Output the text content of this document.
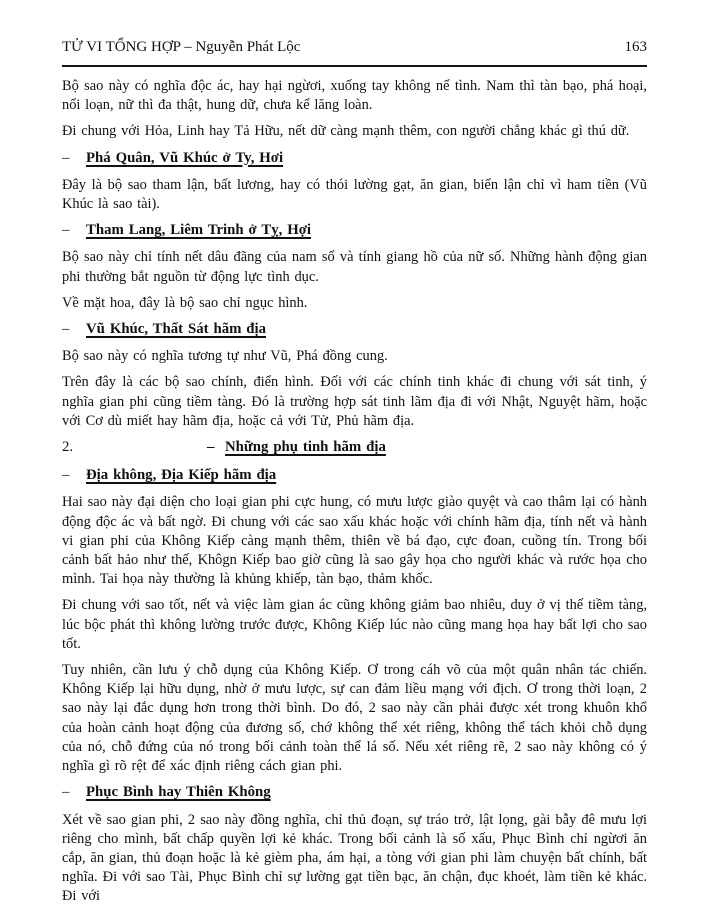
TỬ VI TỔNG HỢP – Nguyễn Phát Lộc	163

Bộ sao này có nghĩa độc ác, hay hại ngừơi, xuống tay không nể tình. Nam thì tàn bạo, phá hoại, nổi loạn, nữ thì đa thật, hung dữ, chưa kể lăng loàn.

Đi chung với Hỏa, Linh hay Tả Hữu, nết dữ càng mạnh thêm, con người chẳng khác gì thú dữ.

–	Phá Quân, Vũ Khúc ở Ty, Hơi

Đây là bộ sao tham lận, bất lương, hay có thói lường gạt, ăn gian, biển lận chỉ vì ham tiền (Vũ Khúc là sao tài).

–	Tham Lang, Liêm Trinh ở Tỵ, Hợi

Bộ sao này chỉ tính nết dâu đãng của nam số và tính giang hồ của nữ số. Những hành động gian phi thường bắt nguồn từ động lực tình dục.

Về mặt hoa, đây là bộ sao chỉ ngục hình.

–	Vũ Khúc, Thất Sát hãm địa

Bộ sao này có nghĩa tương tự như Vũ, Phá đồng cung.

Trên đây là các bộ sao chính, điển hình. Đối với các chính tinh khác đi chung với sát tinh, ý nghĩa gian phi cũng tiềm tàng. Đó là trường hợp sát tinh lãm địa đi với Nhật, Nguyệt hãm, hoặc với Cơ dù miết hay hãm địa, hoặc cả với Tử, Phủ hãm địa.

2.	– Những phụ tinh hãm địa
–	Địa không, Địa Kiếp hãm địa

Hai sao này đại diện cho loại gian phi cực hung, có mưu lược giào quyệt và cao thâm lại có hành động độc ác và bất ngờ. Đi chung với các sao xấu khác hoặc với chính hãm địa, tính nết và hành vi gian phi của Không Kiếp càng mạnh thêm, thiên về bá đạo, cực đoan, cuồng tín. Trong bối cảnh bất hảo như thế, Khôgn Kiếp bao giờ cũng là sao gây họa cho người khác và rước họa cho mình. Tai họa này thường là khủng khiếp, tàn bạo, thảm khốc.

Đi chung với sao tốt, nết và việc làm gian ác cũng không giảm bao nhiêu, duy ở vị thế tiềm tàng, lúc bộc phát thì không lường trước được, Không Kiếp lúc nào cũng mang họa hay bất lợi cho sao tốt.

Tuy nhiên, cần lưu ý chỗ dụng của Không Kiếp. Ơ trong cáh võ của một quân nhân tác chiến. Không Kiếp lại hữu dụng, nhờ ở mưu lược, sự can đảm liều mạng với địch. Ơ trong thời loạn, 2 sao này lại đắc dụng hơn trong thời bình. Do đó, 2 sao này cần phải được xét trong khuôn khổ của hoàn cảnh hoạt động của đương số, chớ không thể xét riêng, không thể tách khỏi chỗ dụng của nó, chỗ đứng của nó trong bối cảnh toàn thể lá số. Nếu xét riêng rẽ, 2 sao này không có ý nghĩa gì rõ rệt để xác định riêng cách gian phi.

–	Phục Bình hay Thiên Không

Xét về sao gian phi, 2 sao này đồng nghĩa, chỉ thủ đoạn, sự tráo trở, lật lọng, gài bẫy đê mưu lợi riêng cho mình, bất chấp quyền lợi kẻ khác. Trong bối cảnh là số xấu, Phục Bình chỉ ngừơi ăn cắp, ăn gian, thủ đoạn hoặc là kẻ gièm pha, ám hại, a tòng với gian phi làm chuyện bất chính, bất nghĩa. Đi với sao Tài, Phục Bình chỉ sự lường gạt tiền bạc, ăn chận, đục khoét, làm tiền kẻ khác. Đi với
